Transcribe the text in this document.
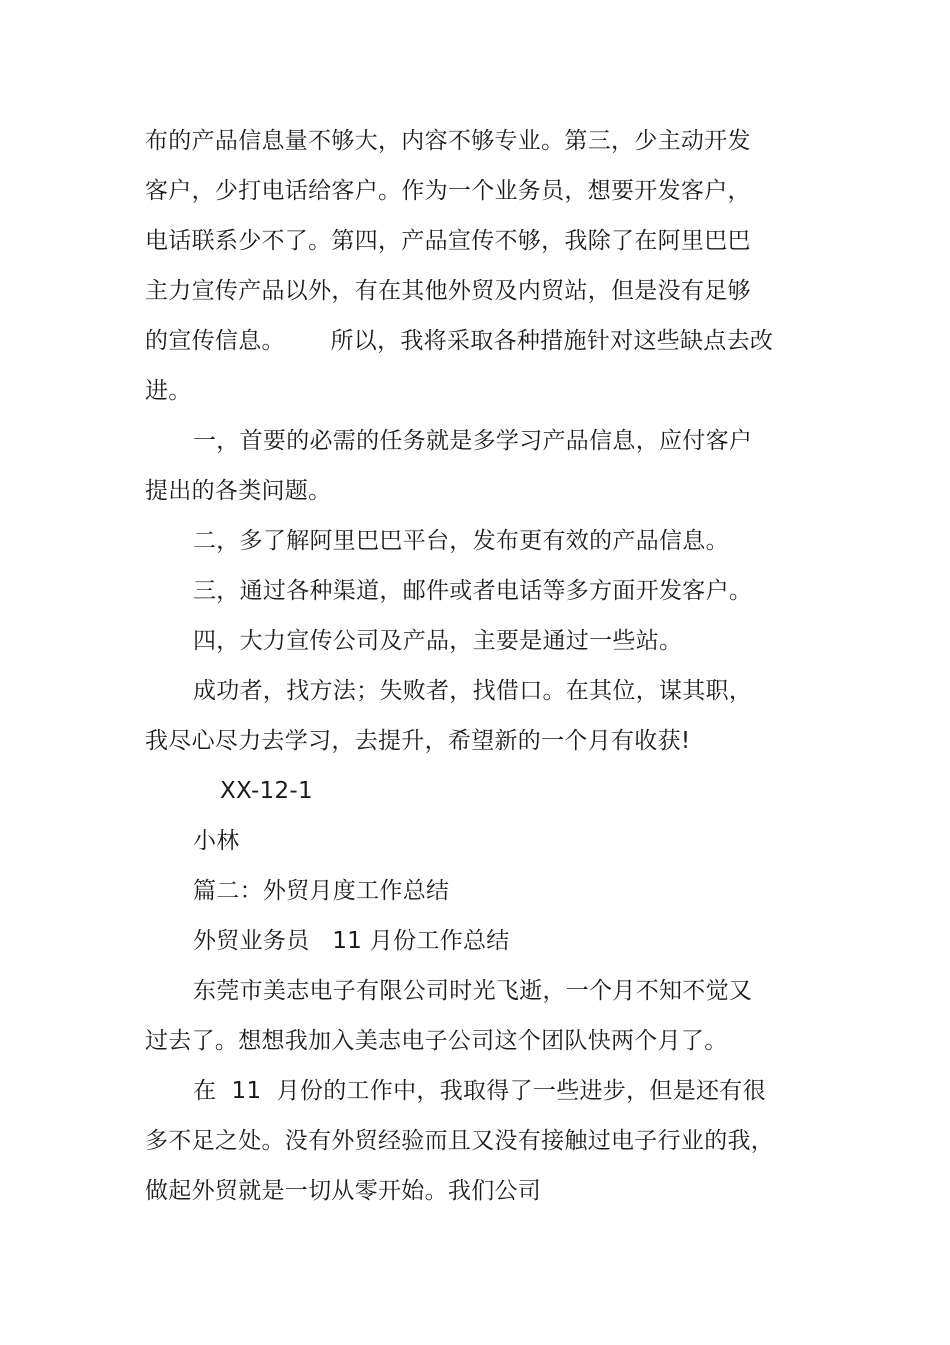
布的产品信息量不够大，内容不够专业。第三，少主动开发
客户，少打电话给客户。作为一个业务员，想要开发客户，
电话联系少不了。第四，产品宣传不够，我除了在阿里巴巴
主力宣传产品以外，有在其他外贸及内贸站，但是没有足够
的宣传信息。      所以，我将采取各种措施针对这些缺点去改
进。
一，首要的必需的任务就是多学习产品信息，应付客户
提出的各类问题。
二，多了解阿里巴巴平台，发布更有效的产品信息。
三，通过各种渠道，邮件或者电话等多方面开发客户。
四，大力宣传公司及产品，主要是通过一些站。
成功者，找方法；失败者，找借口。在其位，谋其职，
我尽心尽力去学习，去提升，希望新的一个月有收获!
XX-12-1
小林
篇二：外贸月度工作总结
外贸业务员   11 月份工作总结
东莞市美志电子有限公司时光飞逝，一个月不知不觉又
过去了。想想我加入美志电子公司这个团队快两个月了。
在  11  月份的工作中，我取得了一些进步，但是还有很
多不足之处。没有外贸经验而且又没有接触过电子行业的我，
做起外贸就是一切从零开始。我们公司
